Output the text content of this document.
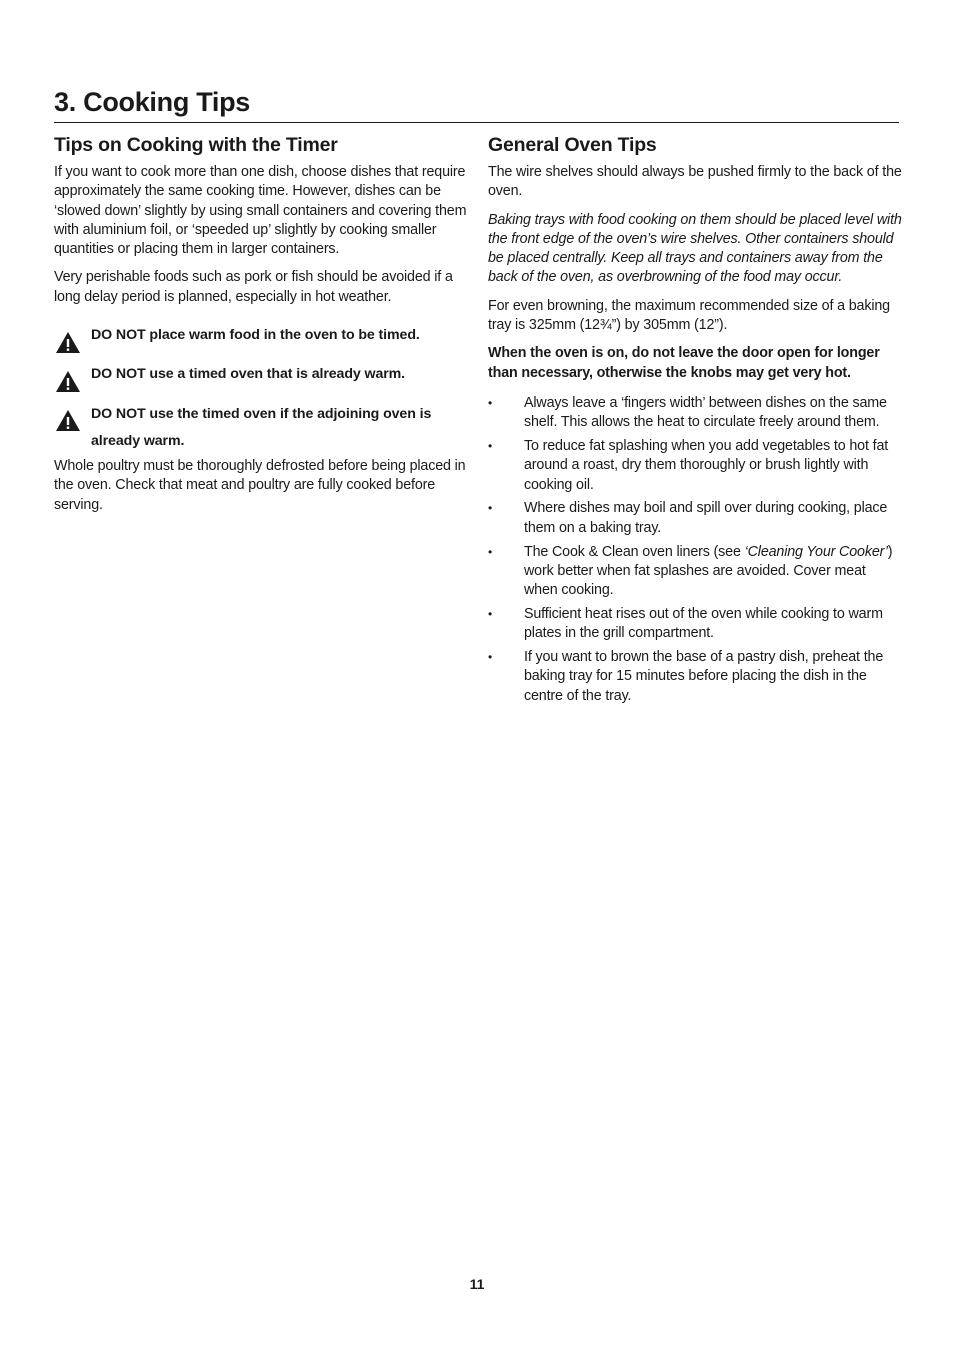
3. Cooking Tips
Tips on Cooking with the Timer

If you want to cook more than one dish, choose dishes that require approximately the same cooking time. However, dishes can be ‘slowed down’ slightly by using small containers and covering them with aluminium foil, or ‘speeded up’ slightly by cooking smaller quantities or placing them in larger containers.

Very perishable foods such as pork or fish should be avoided if a long delay period is planned, especially in hot weather.

DO NOT place warm food in the oven to be timed.

DO NOT use a timed oven that is already warm.

DO NOT use the timed oven if the adjoining oven is already warm.

Whole poultry must be thoroughly defrosted before being placed in the oven. Check that meat and poultry are fully cooked before serving.

General Oven Tips

The wire shelves should always be pushed firmly to the back of the oven.

Baking trays with food cooking on them should be placed level with the front edge of the oven’s wire shelves. Other containers should be placed centrally. Keep all trays and containers away from the back of the oven, as overbrowning of the food may occur.

For even browning, the maximum recommended size of a baking tray is 325mm (12¾”) by 305mm (12”).

When the oven is on, do not leave the door open for longer than necessary, otherwise the knobs may get very hot.

• Always leave a ‘fingers width’ between dishes on the same shelf. This allows the heat to circulate freely around them.
• To reduce fat splashing when you add vegetables to hot fat around a roast, dry them thoroughly or brush lightly with cooking oil.
• Where dishes may boil and spill over during cooking, place them on a baking tray.
• The Cook & Clean oven liners (see ‘Cleaning Your Cooker’) work better when fat splashes are avoided. Cover meat when cooking.
• Sufficient heat rises out of the oven while cooking to warm plates in the grill compartment.
• If you want to brown the base of a pastry dish, preheat the baking tray for 15 minutes before placing the dish in the centre of the tray.
11
